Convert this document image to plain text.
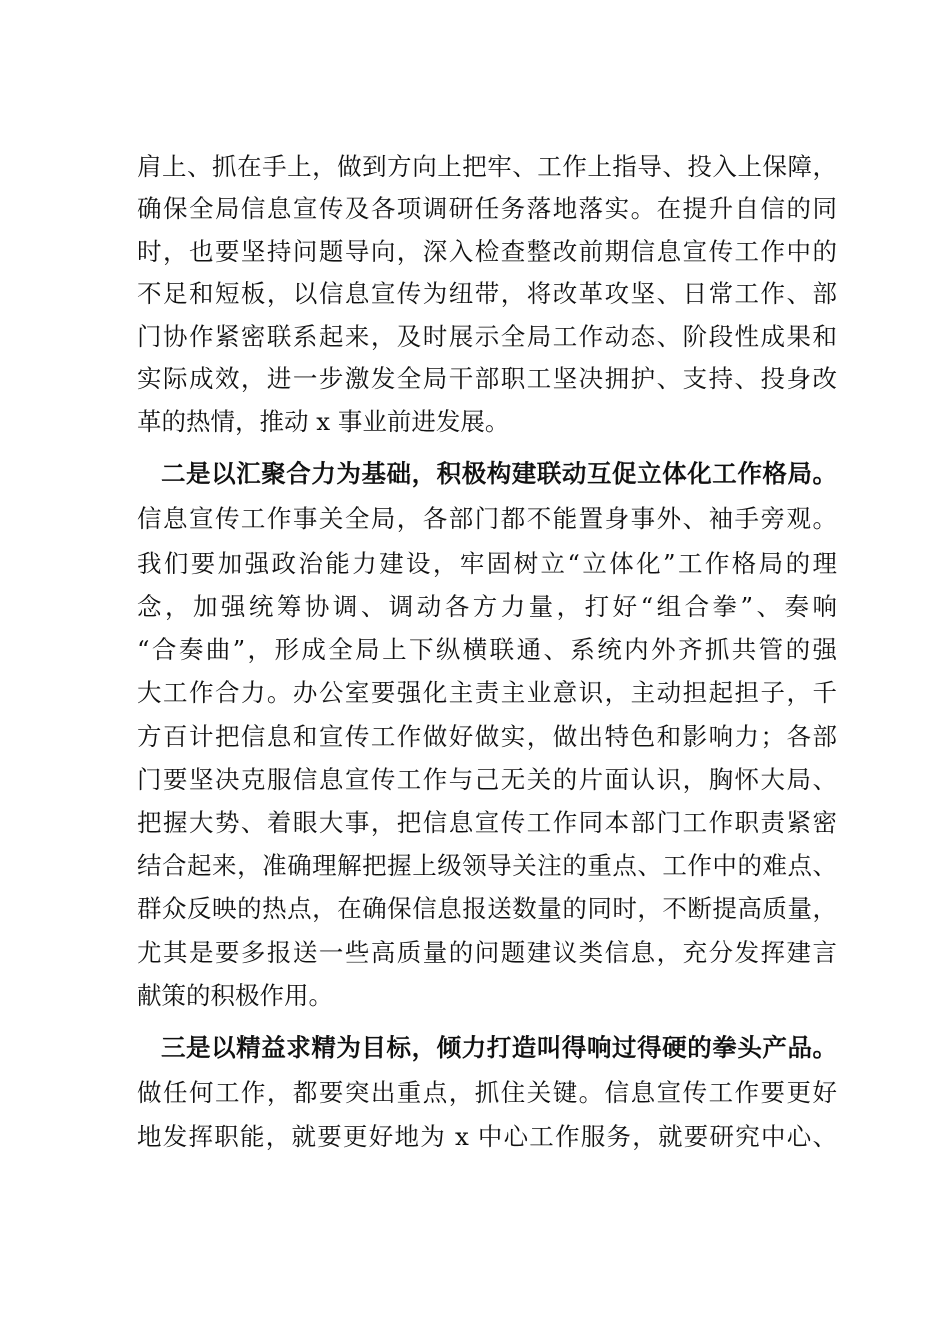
肩上、抓在手上，做到方向上把牢、工作上指导、投入上保障，
确保全局信息宣传及各项调研任务落地落实。在提升自信的同
时，也要坚持问题导向，深入检查整改前期信息宣传工作中的
不足和短板，以信息宣传为纽带，将改革攻坚、日常工作、部
门协作紧密联系起来，及时展示全局工作动态、阶段性成果和
实际成效，进一步激发全局干部职工坚决拥护、支持、投身改
革的热情，推动 x 事业前进发展。
二是以汇聚合力为基础，积极构建联动互促立体化工作格局。
信息宣传工作事关全局，各部门都不能置身事外、袖手旁观。
我们要加强政治能力建设，牢固树立“立体化”工作格局的理
念，加强统筹协调、调动各方力量，打好“组合拳”、奏响
“合奏曲”，形成全局上下纵横联通、系统内外齐抓共管的强
大工作合力。办公室要强化主责主业意识，主动担起担子，千
方百计把信息和宣传工作做好做实，做出特色和影响力；各部
门要坚决克服信息宣传工作与己无关的片面认识，胸怀大局、
把握大势、着眼大事，把信息宣传工作同本部门工作职责紧密
结合起来，准确理解把握上级领导关注的重点、工作中的难点、
群众反映的热点，在确保信息报送数量的同时，不断提高质量，
尤其是要多报送一些高质量的问题建议类信息，充分发挥建言
献策的积极作用。
三是以精益求精为目标，倾力打造叫得响过得硬的拳头产品。
做任何工作，都要突出重点，抓住关键。信息宣传工作要更好
地发挥职能，就要更好地为 x 中心工作服务，就要研究中心、
